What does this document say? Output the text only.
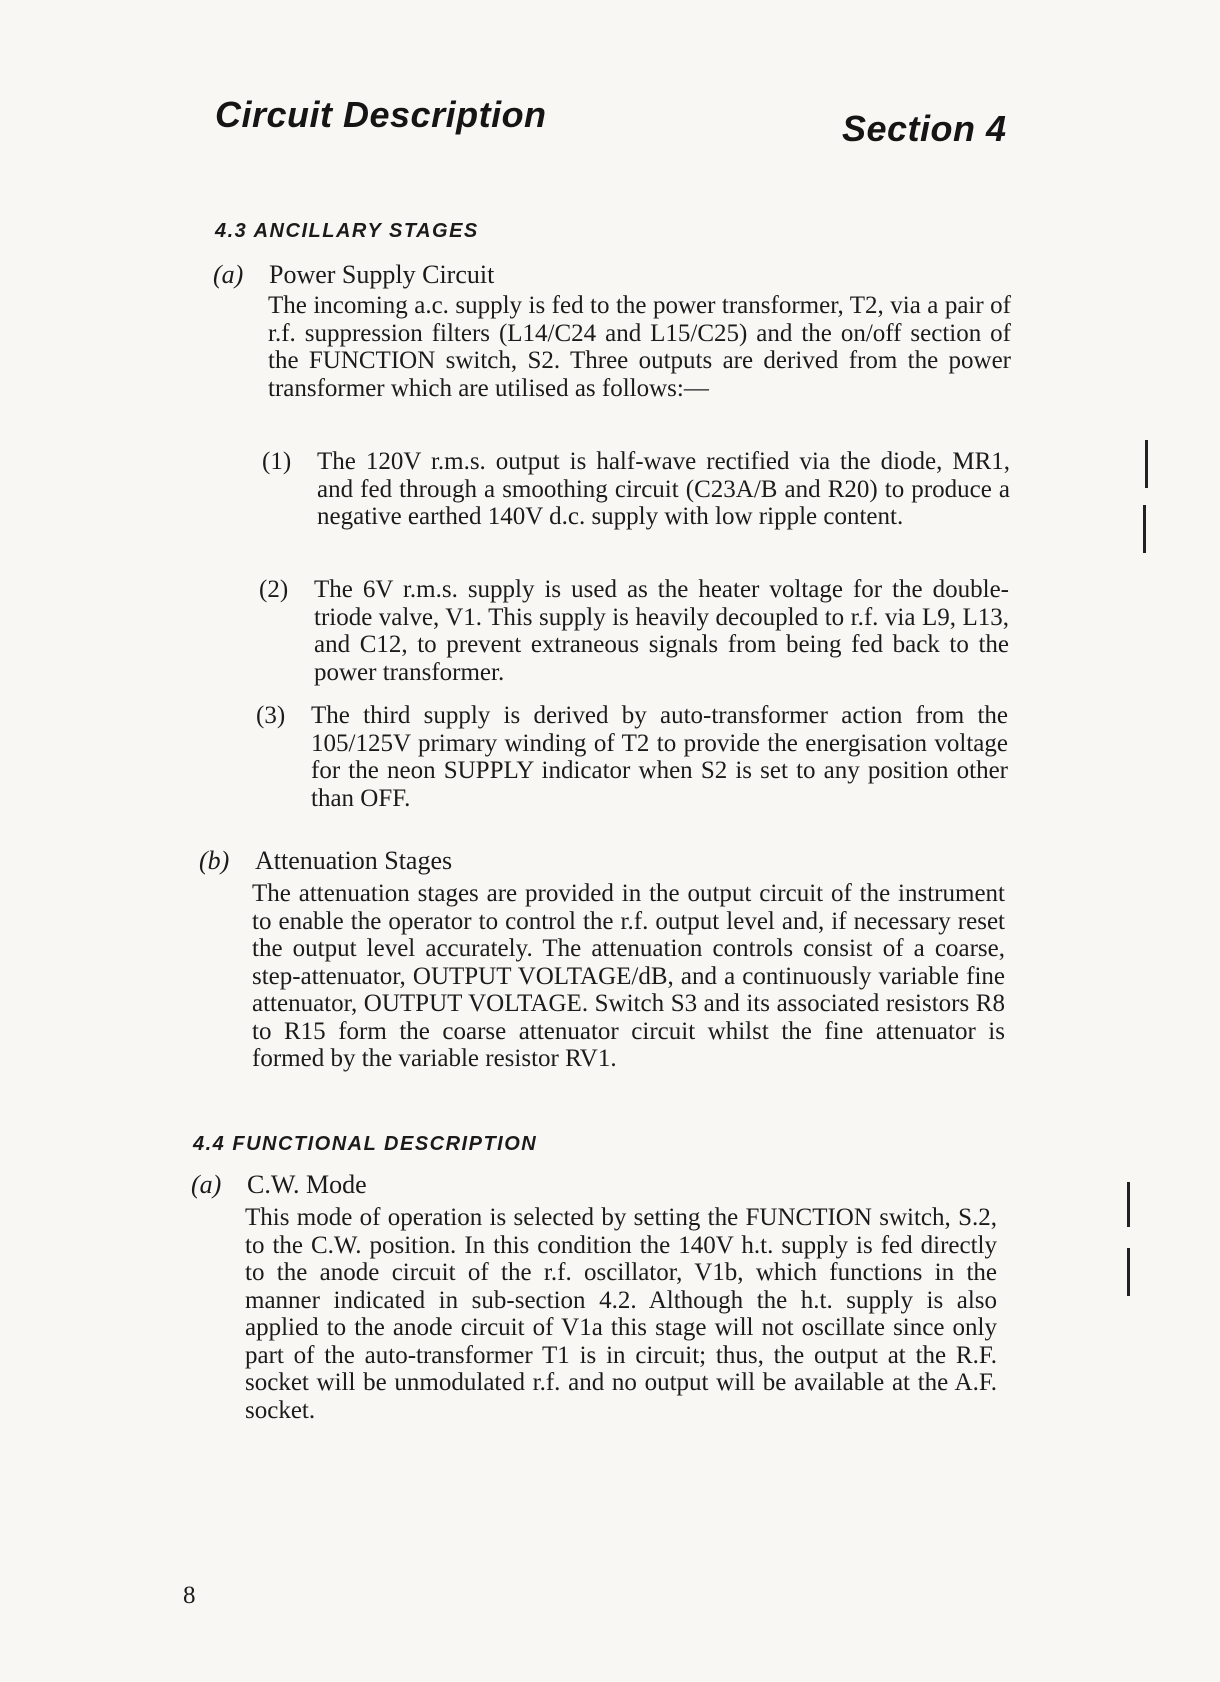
Circuit Description	Section 4
4.3 ANCILLARY STAGES
(a) Power Supply Circuit
The incoming a.c. supply is fed to the power transformer, T2, via a pair of r.f. suppression filters (L14/C24 and L15/C25) and the on/off section of the FUNCTION switch, S2. Three outputs are derived from the power transformer which are utilised as follows:—
(1) The 120V r.m.s. output is half-wave rectified via the diode, MR1, and fed through a smoothing circuit (C23A/B and R20) to produce a negative earthed 140V d.c. supply with low ripple content.
(2) The 6V r.m.s. supply is used as the heater voltage for the double-triode valve, V1. This supply is heavily decoupled to r.f. via L9, L13, and C12, to prevent extraneous signals from being fed back to the power transformer.
(3) The third supply is derived by auto-transformer action from the 105/125V primary winding of T2 to provide the energisation voltage for the neon SUPPLY indicator when S2 is set to any position other than OFF.
(b) Attenuation Stages
The attenuation stages are provided in the output circuit of the instrument to enable the operator to control the r.f. output level and, if necessary reset the output level accurately. The attenuation controls consist of a coarse, step-attenuator, OUTPUT VOLTAGE/dB, and a continuously variable fine attenuator, OUTPUT VOLTAGE. Switch S3 and its associated resistors R8 to R15 form the coarse attenuator circuit whilst the fine attenuator is formed by the variable resistor RV1.
4.4 FUNCTIONAL DESCRIPTION
(a) C.W. Mode
This mode of operation is selected by setting the FUNCTION switch, S.2, to the C.W. position. In this condition the 140V h.t. supply is fed directly to the anode circuit of the r.f. oscillator, V1b, which functions in the manner indicated in sub-section 4.2. Although the h.t. supply is also applied to the anode circuit of V1a this stage will not oscillate since only part of the auto-transformer T1 is in circuit; thus, the output at the R.F. socket will be unmodulated r.f. and no output will be available at the A.F. socket.
8
